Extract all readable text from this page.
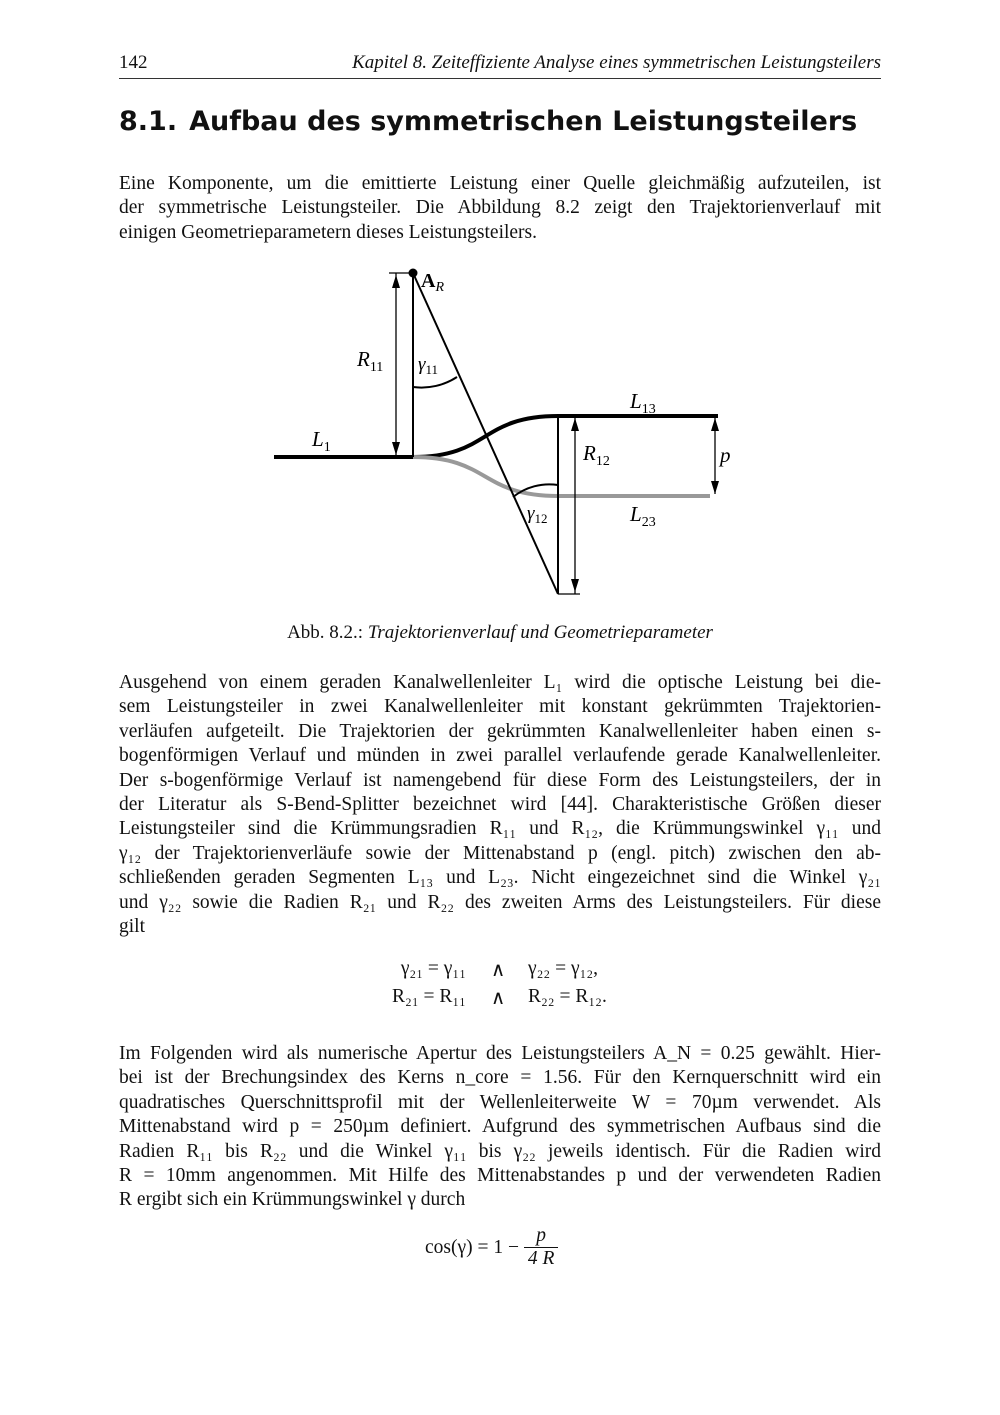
142	Kapitel 8. Zeiteffiziente Analyse eines symmetrischen Leistungsteilers
8.1. Aufbau des symmetrischen Leistungsteilers

Eine Komponente, um die emittierte Leistung einer Quelle gleichmäßig aufzuteilen, ist
der symmetrische Leistungsteiler. Die Abbildung 8.2 zeigt den Trajektorienverlauf mit
einigen Geometrieparametern dieses Leistungsteilers.

$A_R$
$R_{11}$ $\gamma_{11}$
$L_1$
$L_{13}$
$R_{12}$	p
$\gamma_{12}$	$L_{23}$
Abb. 8.2.: Trajektorienverlauf und Geometrieparameter

Ausgehend von einem geraden Kanalwellenleiter L₁ wird die optische Leistung bei die-
sem Leistungsteiler in zwei Kanalwellenleiter mit konstant gekrümmten Trajektorien-
verläufen aufgeteilt. Die Trajektorien der gekrümmten Kanalwellenleiter haben einen s-
bogenförmigen Verlauf und münden in zwei parallel verlaufende gerade Kanalwellenleiter.
Der s-bogenförmige Verlauf ist namengebend für diese Form des Leistungsteilers, der in
der Literatur als S-Bend-Splitter bezeichnet wird [44]. Charakteristische Größen dieser
Leistungsteiler sind die Krümmungsradien R₁₁ und R₁₂, die Krümmungswinkel γ₁₁ und
γ₁₂ der Trajektorienverläufe sowie der Mittenabstand p (engl. pitch) zwischen den ab-
schließenden geraden Segmenten L₁₃ und L₂₃. Nicht eingezeichnet sind die Winkel γ₂₁
und γ₂₂ sowie die Radien R₂₁ und R₂₂ des zweiten Arms des Leistungsteilers. Für diese
gilt

γ₂₁ = γ₁₁ ∧ γ₂₂ = γ₁₂,
R₂₁ = R₁₁ ∧ R₂₂ = R₁₂.

Im Folgenden wird als numerische Apertur des Leistungsteilers A_N = 0.25 gewählt. Hier-
bei ist der Brechungsindex des Kerns n_core = 1.56. Für den Kernquerschnitt wird ein
quadratisches Querschnittsprofil mit der Wellenleiterweite W = 70µm verwendet. Als
Mittenabstand wird p = 250µm definiert. Aufgrund des symmetrischen Aufbaus sind die
Radien R₁₁ bis R₂₂ und die Winkel γ₁₁ bis γ₂₂ jeweils identisch. Für die Radien wird
R = 10mm angenommen. Mit Hilfe des Mittenabstandes p und der verwendeten Radien
R ergibt sich ein Krümmungswinkel γ durch

$\cos(\gamma) = 1 - \frac{p}{4 R}$
